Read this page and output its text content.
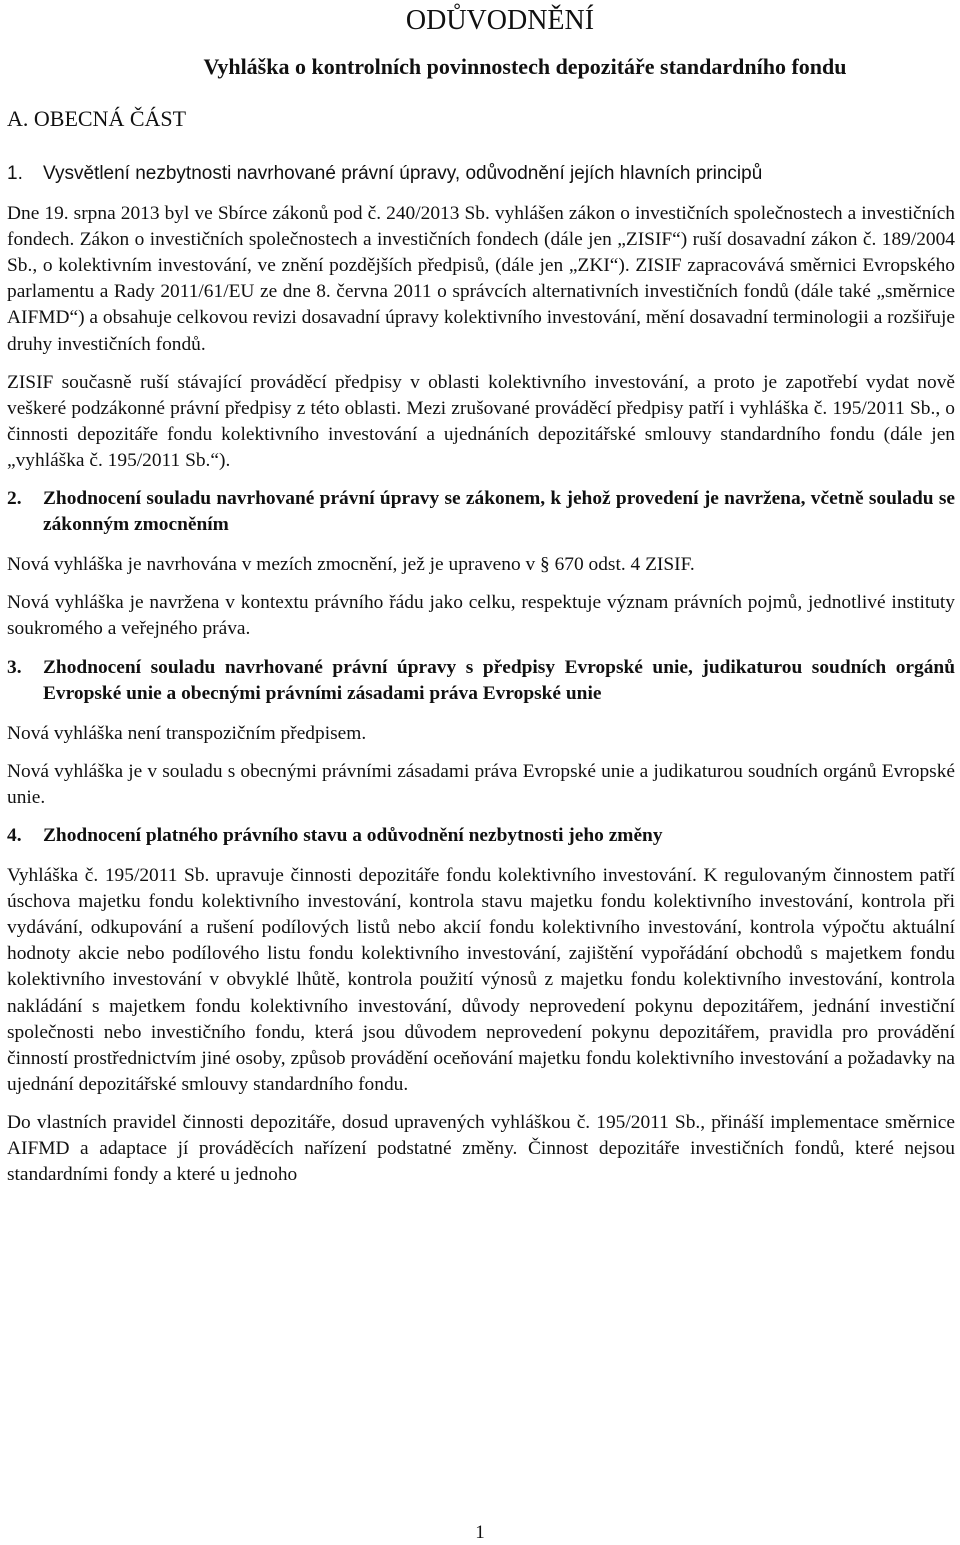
ODŮVODNĚNÍ
Vyhláška o kontrolních povinnostech depozitáře standardního fondu
A. OBECNÁ ČÁST
1.	Vysvětlení nezbytnosti navrhované právní úpravy, odůvodnění jejích hlavních principů

Dne 19. srpna 2013 byl ve Sbírce zákonů pod č. 240/2013 Sb. vyhlášen zákon o investičních společnostech a investičních fondech. Zákon o investičních společnostech a investičních fondech (dále jen „ZISIF“) ruší dosavadní zákon č. 189/2004 Sb., o kolektivním investování, ve znění pozdějších předpisů, (dále jen „ZKI“). ZISIF zapracovává směrnici Evropského parlamentu a Rady 2011/61/EU ze dne 8. června 2011 o správcích alternativních investičních fondů (dále také „směrnice AIFMD“) a obsahuje celkovou revizi dosavadní úpravy kolektivního investování, mění dosavadní terminologii a rozšiřuje druhy investičních fondů.

ZISIF současně ruší stávající prováděcí předpisy v oblasti kolektivního investování, a proto je zapotřebí vydat nově veškeré podzákonné právní předpisy z této oblasti. Mezi zrušované prováděcí předpisy patří i vyhláška č. 195/2011 Sb., o činnosti depozitáře fondu kolektivního investování a ujednáních depozitářské smlouvy standardního fondu (dále jen „vyhláška č. 195/2011 Sb.“).

2.	Zhodnocení souladu navrhované právní úpravy se zákonem, k jehož provedení je navržena, včetně souladu se zákonným zmocněním

Nová vyhláška je navrhována v mezích zmocnění, jež je upraveno v § 670 odst. 4 ZISIF.

Nová vyhláška je navržena v kontextu právního řádu jako celku, respektuje význam právních pojmů, jednotlivé instituty soukromého a veřejného práva.

3.	Zhodnocení souladu navrhované právní úpravy s předpisy Evropské unie, judikaturou soudních orgánů Evropské unie a obecnými právními zásadami práva Evropské unie

Nová vyhláška není transpozičním předpisem.

Nová vyhláška je v souladu s obecnými právními zásadami práva Evropské unie a judikaturou soudních orgánů Evropské unie.

4.	Zhodnocení platného právního stavu a odůvodnění nezbytnosti jeho změny

Vyhláška č. 195/2011 Sb. upravuje činnosti depozitáře fondu kolektivního investování. K regulovaným činnostem patří úschova majetku fondu kolektivního investování, kontrola stavu majetku fondu kolektivního investování, kontrola při vydávání, odkupování a rušení podílových listů nebo akcií fondu kolektivního investování, kontrola výpočtu aktuální hodnoty akcie nebo podílového listu fondu kolektivního investování, zajištění vypořádání obchodů s majetkem fondu kolektivního investování v obvyklé lhůtě, kontrola použití výnosů z majetku fondu kolektivního investování, kontrola nakládání s majetkem fondu kolektivního investování, důvody neprovedení pokynu depozitářem, jednání investiční společnosti nebo investičního fondu, která jsou důvodem neprovedení pokynu depozitářem, pravidla pro provádění činností prostřednictvím jiné osoby, způsob provádění oceňování majetku fondu kolektivního investování a požadavky na ujednání depozitářské smlouvy standardního fondu.

Do vlastních pravidel činnosti depozitáře, dosud upravených vyhláškou č. 195/2011 Sb., přináší implementace směrnice AIFMD a adaptace jí prováděcích nařízení podstatné změny. Činnost depozitáře investičních fondů, které nejsou standardními fondy a které u jednoho

1
